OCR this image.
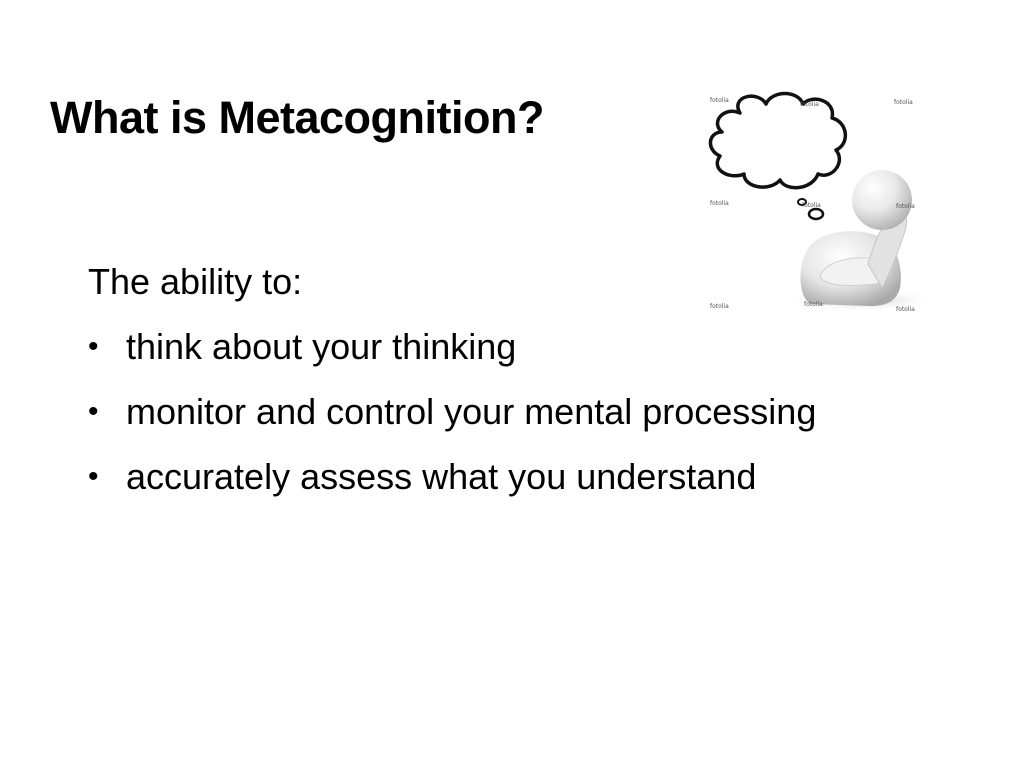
What is Metacognition?

The ability to:

• think about your thinking
• monitor and control your mental processing
• accurately assess what you understand
fotolia
fotolia	fotolia
fotolia	fotolia	fotolia
fotolia	fotolia
fotolia
